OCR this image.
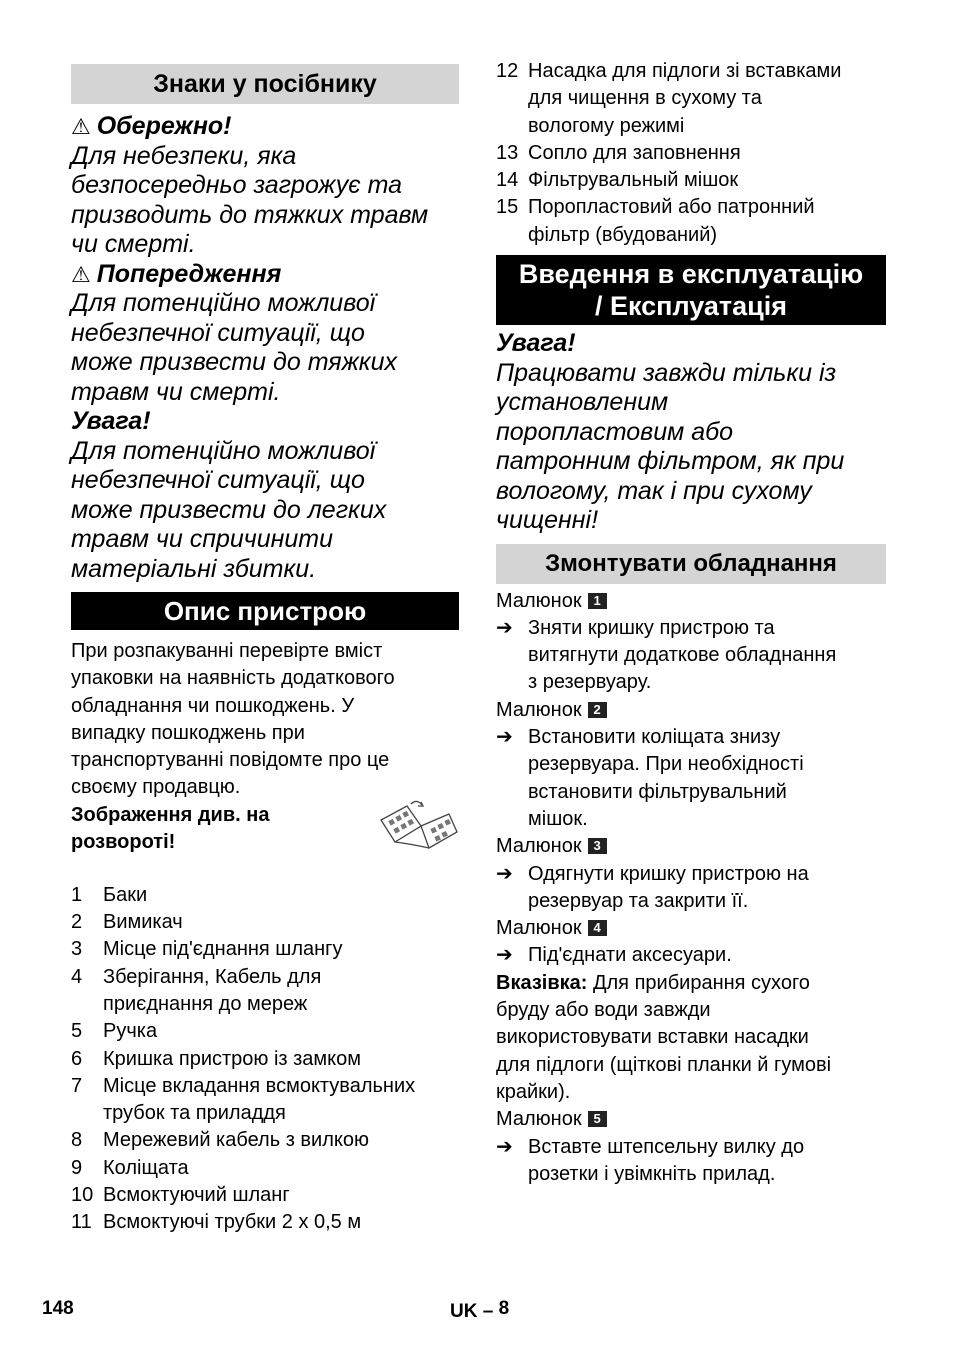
Знаки у посібнику
⚠ Обережно!
Для небезпеки, яка
безпосередньо загрожує та
призводить до тяжких травм
чи смерті.
⚠ Попередження
Для потенційно можливої
небезпечної ситуації, що
може призвести до тяжких
травм чи смерті.
Увага!
Для потенційно можливої
небезпечної ситуації, що
може призвести до легких
травм чи спричинити
матеріальні збитки.
Опис пристрою
При розпакуванні перевірте вміст
упаковки на наявність додаткового
обладнання чи пошкоджень. У
випадку пошкоджень при
транспортуванні повідомте про це
своєму продавцю.
Зображення див. на
розвороті!
1	Баки
2	Вимикач
3	Місце під'єднання шлангу
4	Зберігання, Кабель для
приєднання до мереж
5	Ручка
6	Кришка пристрою із замком
7	Місце вкладання всмоктувальних
трубок та приладдя
8	Мережевий кабель з вилкою
9	Коліщата
10 Всмоктуючий шланг
11 Всмоктуючі трубки 2 x 0,5 м
12 Насадка для підлоги зі вставками
для чищення в сухому та
вологому режимі
13 Сопло для заповнення
14 Фільтрувальный мішок
15 Поропластовий або патронний
фільтр (вбудований)
Введення в експлуатацію
/ Експлуатація
Увага!
Працювати завжди тільки із
установленим
поропластовим або
патронним фільтром, як при
вологому, так і при сухому
чищенні!
Змонтувати обладнання
Малюнок 1
➔ Зняти кришку пристрою та
витягнути додаткове обладнання
з резервуару.
Малюнок 2
➔ Встановити коліщата знизу
резервуара. При необхідності
встановити фільтрувальний
мішок.
Малюнок 3
➔ Одягнути кришку пристрою на
резервуар та закрити її.
Малюнок 4
➔ Під'єднати аксесуари.
Вказівка: Для прибирання сухого
бруду або води завжди
використовувати вставки насадки
для підлоги (щіткові планки й гумові
крайки).
Малюнок 5
➔ Вставте штепсельну вилку до
розетки і увімкніть прилад.
148	UK – 8
